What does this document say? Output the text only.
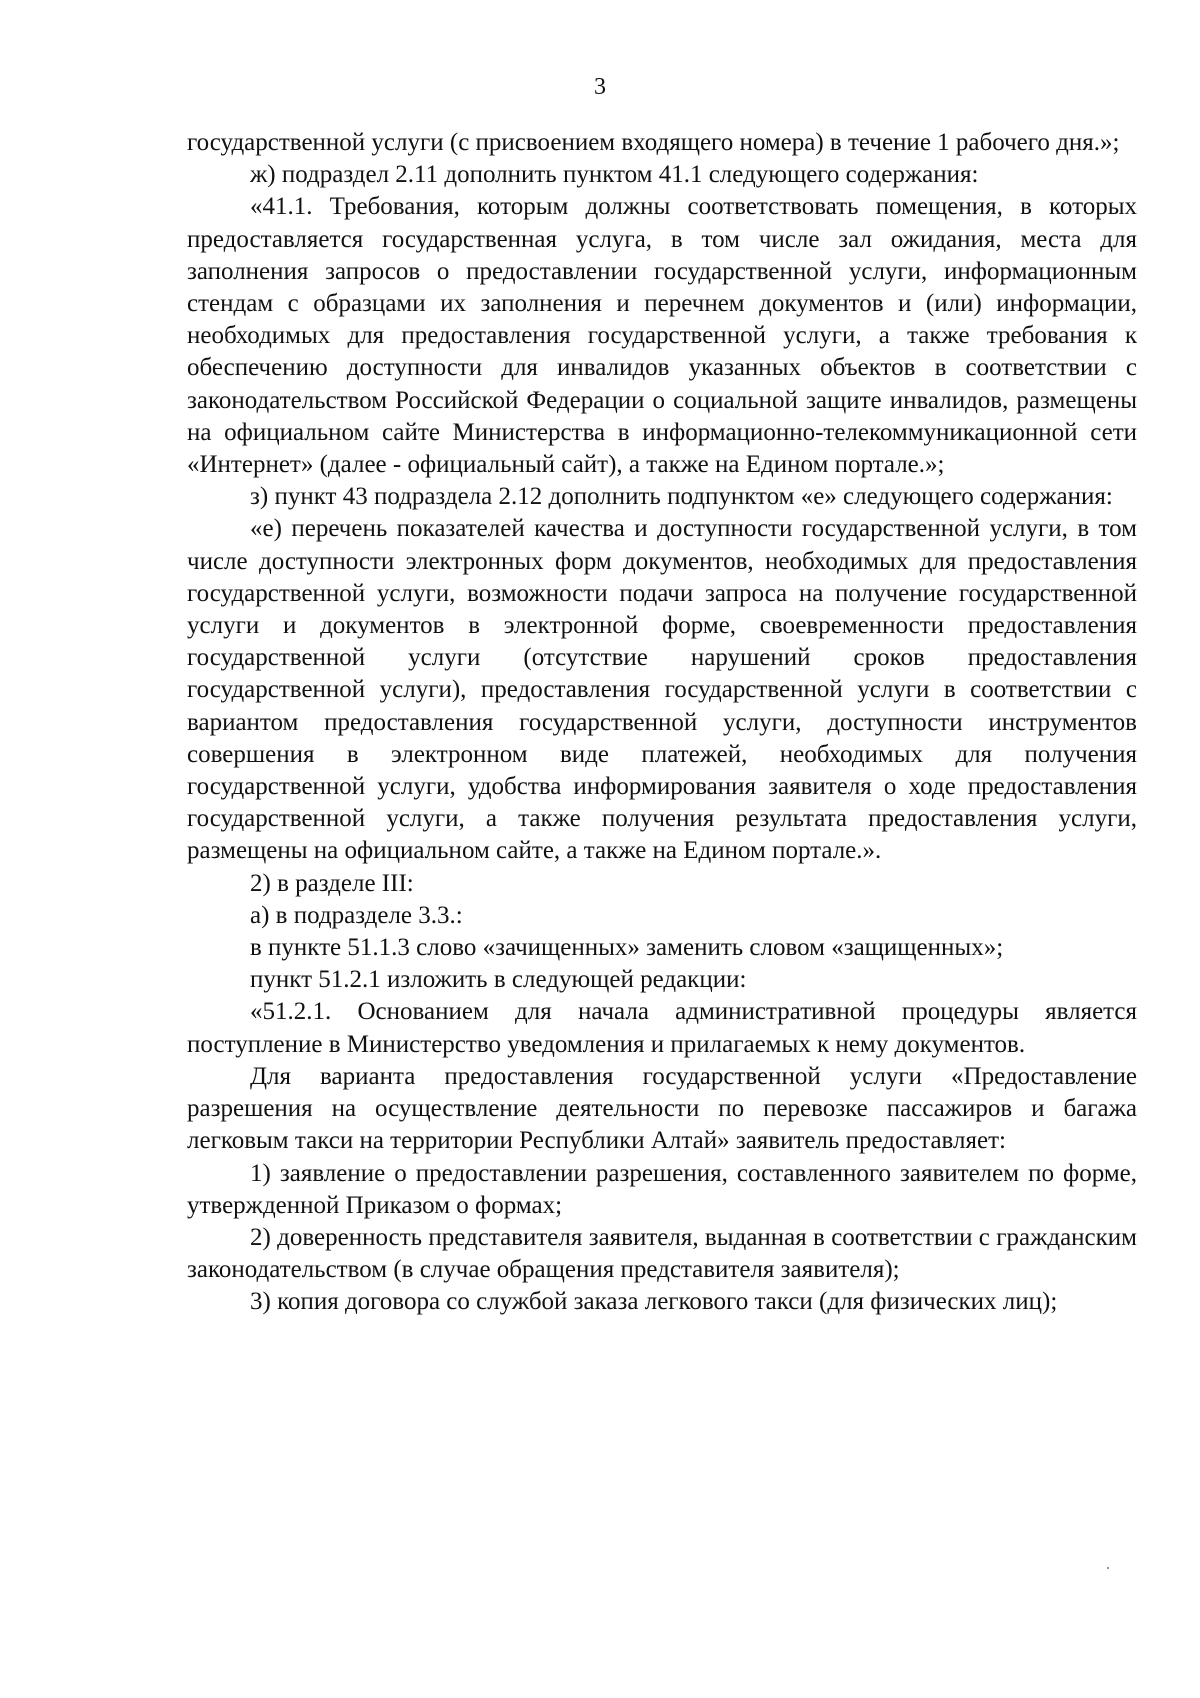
3

государственной услуги (с присвоением входящего номера) в течение 1 рабочего дня.»;

ж) подраздел 2.11 дополнить пунктом 41.1 следующего содержания:

«41.1. Требования, которым должны соответствовать помещения, в которых предоставляется государственная услуга, в том числе зал ожидания, места для заполнения запросов о предоставлении государственной услуги, информационным стендам с образцами их заполнения и перечнем документов и (или) информации, необходимых для предоставления государственной услуги, а также требования к обеспечению доступности для инвалидов указанных объектов в соответствии с законодательством Российской Федерации о социальной защите инвалидов, размещены на официальном сайте Министерства в информационно-телекоммуникационной сети «Интернет» (далее - официальный сайт), а также на Едином портале.»;

з) пункт 43 подраздела 2.12 дополнить подпунктом «е» следующего содержания:

«е) перечень показателей качества и доступности государственной услуги, в том числе доступности электронных форм документов, необходимых для предоставления государственной услуги, возможности подачи запроса на получение государственной услуги и документов в электронной форме, своевременности предоставления государственной услуги (отсутствие нарушений сроков предоставления государственной услуги), предоставления государственной услуги в соответствии с вариантом предоставления государственной услуги, доступности инструментов совершения в электронном виде платежей, необходимых для получения государственной услуги, удобства информирования заявителя о ходе предоставления государственной услуги, а также получения результата предоставления услуги, размещены на официальном сайте, а также на Едином портале.».

2) в разделе III:

а) в подразделе 3.3.:

в пункте 51.1.3 слово «зачищенных» заменить словом «защищенных»;

пункт 51.2.1 изложить в следующей редакции:

«51.2.1. Основанием для начала административной процедуры является поступление в Министерство уведомления и прилагаемых к нему документов.

Для варианта предоставления государственной услуги «Предоставление разрешения на осуществление деятельности по перевозке пассажиров и багажа легковым такси на территории Республики Алтай» заявитель предоставляет:

1) заявление о предоставлении разрешения, составленного заявителем по форме, утвержденной Приказом о формах;

2) доверенность представителя заявителя, выданная в соответствии с гражданским законодательством (в случае обращения представителя заявителя);

3) копия договора со службой заказа легкового такси (для физических лиц);
